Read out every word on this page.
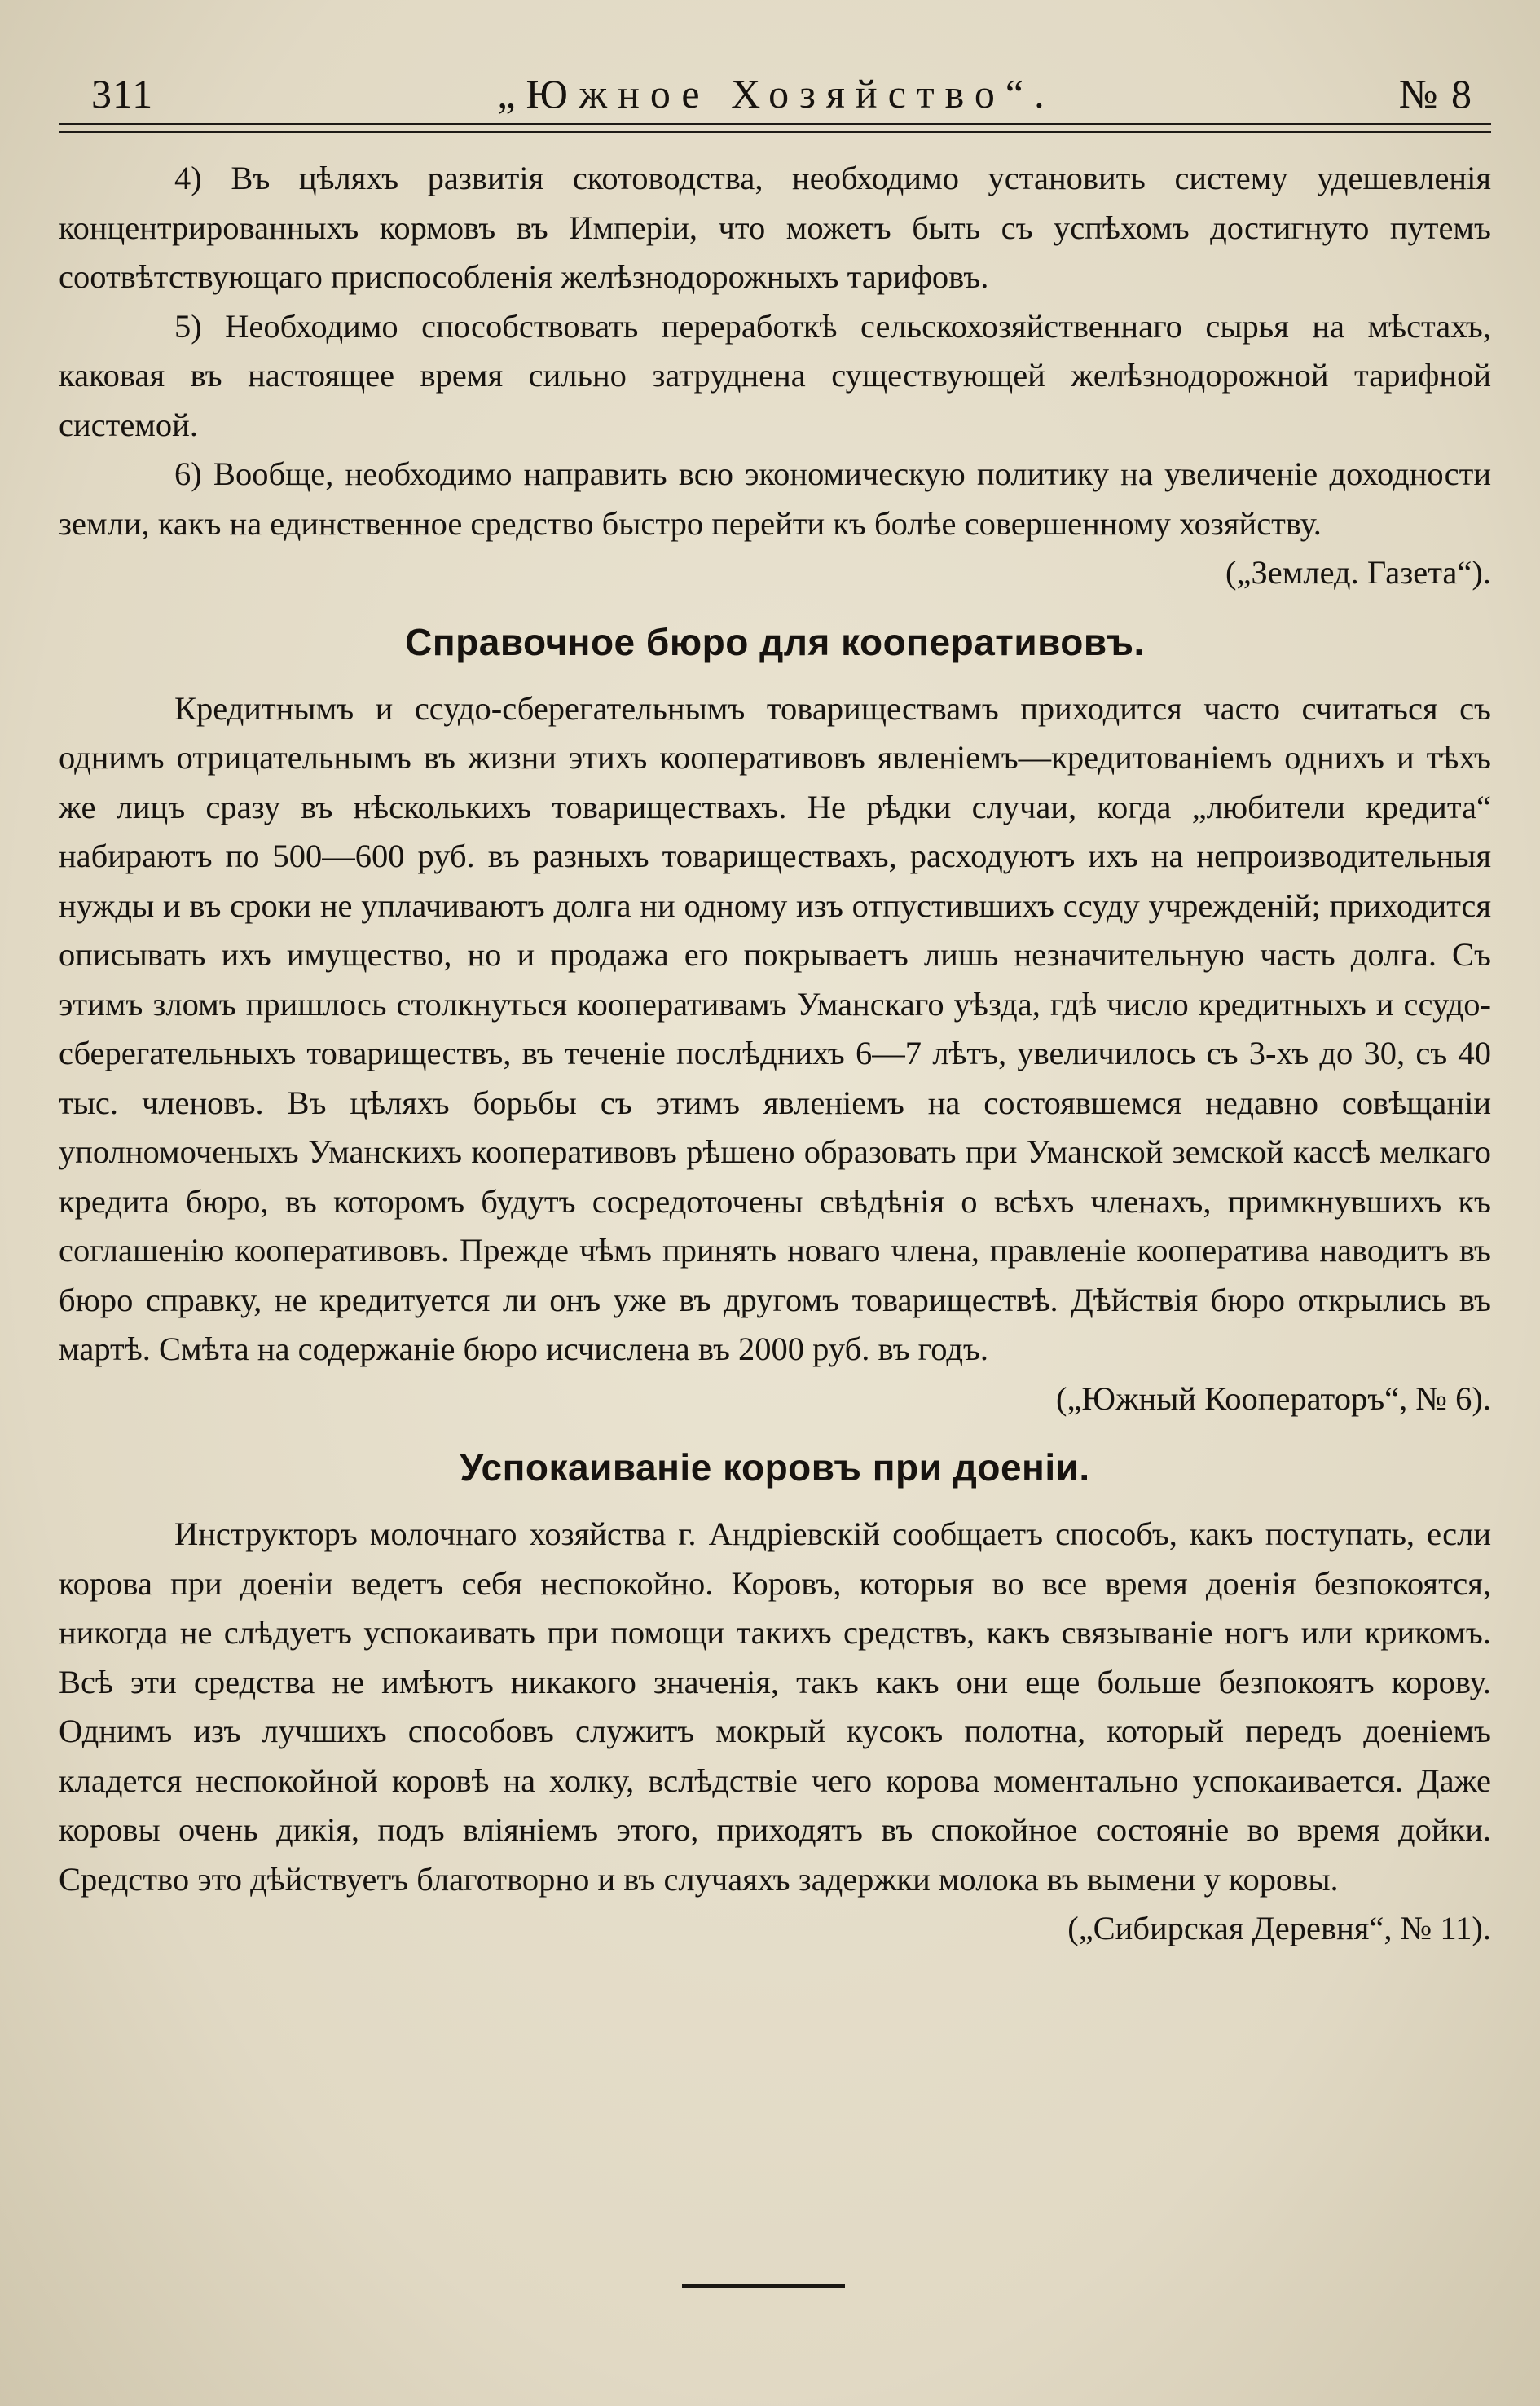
311	„Южное Хозяйство“.	№ 8

4) Въ цѣляхъ развитія скотоводства, необходимо установить систему удешевленія концентрированныхъ кормовъ въ Имперіи, что можетъ быть съ успѣхомъ достигнуто путемъ соотвѣтствующаго приспособленія желѣзнодорожныхъ тарифовъ.

5) Необходимо способствовать переработкѣ сельскохозяйственнаго сырья на мѣстахъ, каковая въ настоящее время сильно затруднена существующей желѣзнодорожной тарифной системой.

6) Вообще, необходимо направить всю экономическую политику на увеличеніе доходности земли, какъ на единственное средство быстро перейти къ болѣе совершенному хозяйству.

(„Землед. Газета“).

Справочное бюро для кооперативовъ.

Кредитнымъ и ссудо-сберегательнымъ товариществамъ приходится часто считаться съ однимъ отрицательнымъ въ жизни этихъ кооперативовъ явленіемъ—кредитованіемъ однихъ и тѣхъ же лицъ сразу въ нѣсколькихъ товариществахъ. Не рѣдки случаи, когда „любители кредита“ набираютъ по 500—600 руб. въ разныхъ товариществахъ, расходуютъ ихъ на непроизводительныя нужды и въ сроки не уплачиваютъ долга ни одному изъ отпустившихъ ссуду учрежденій; приходится описывать ихъ имущество, но и продажа его покрываетъ лишь незначительную часть долга. Съ этимъ зломъ пришлось столкнуться кооперативамъ Уманскаго уѣзда, гдѣ число кредитныхъ и ссудо-сберегательныхъ товариществъ, въ теченіе послѣднихъ 6—7 лѣтъ, увеличилось съ 3-хъ до 30, съ 40 тыс. членовъ. Въ цѣляхъ борьбы съ этимъ явленіемъ на состоявшемся недавно совѣщаніи уполномоченыхъ Уманскихъ кооперативовъ рѣшено образовать при Уманской земской кассѣ мелкаго кредита бюро, въ которомъ будутъ сосредоточены свѣдѣнія о всѣхъ членахъ, примкнувшихъ къ соглашенію кооперативовъ. Прежде чѣмъ принять новаго члена, правленіе кооператива наводитъ въ бюро справку, не кредитуется ли онъ уже въ другомъ товариществѣ. Дѣйствія бюро открылись въ мартѣ. Смѣта на содержаніе бюро исчислена въ 2000 руб. въ годъ.

(„Южный Кооператоръ“, № 6).

Успокаиваніе коровъ при доеніи.

Инструкторъ молочнаго хозяйства г. Андріевскій сообщаетъ способъ, какъ поступать, если корова при доеніи ведетъ себя неспокойно. Коровъ, которыя во все время доенія безпокоятся, никогда не слѣдуетъ успокаивать при помощи такихъ средствъ, какъ связываніе ногъ или крикомъ. Всѣ эти средства не имѣютъ никакого значенія, такъ какъ они еще больше безпокоятъ корову. Однимъ изъ лучшихъ способовъ служитъ мокрый кусокъ полотна, который передъ доеніемъ кладется неспокойной коровѣ на холку, вслѣдствіе чего корова моментально успокаивается. Даже коровы очень дикія, подъ вліяніемъ этого, приходятъ въ спокойное состояніе во время дойки. Средство это дѣйствуетъ благотворно и въ случаяхъ задержки молока въ вымени у коровы.

(„Сибирская Деревня“, № 11).
